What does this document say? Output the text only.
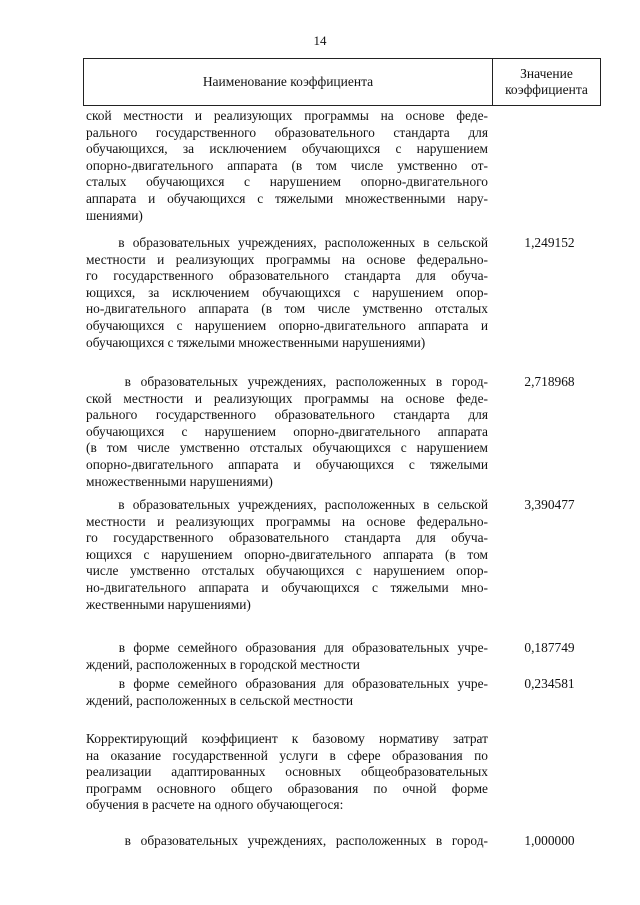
14
Наименование коэффициента
Значение
коэффициента
ской местности и реализующих программы на основе феде-
рального государственного образовательного стандарта для
обучающихся, за исключением обучающихся с нарушением
опорно-двигательного аппарата (в том числе умственно от-
сталых обучающихся с нарушением опорно-двигательного
аппарата и обучающихся с тяжелыми множественными нару-
шениями)
в образовательных учреждениях, расположенных в сельской
местности и реализующих программы на основе федерально-
го государственного образовательного стандарта для обуча-
ющихся, за исключением обучающихся с нарушением опор-
но-двигательного аппарата (в том числе умственно отсталых
обучающихся с нарушением опорно-двигательного аппарата и
обучающихся с тяжелыми множественными нарушениями)
1,249152
в образовательных учреждениях, расположенных в город-
ской местности и реализующих программы на основе феде-
рального государственного образовательного стандарта для
обучающихся с нарушением опорно-двигательного аппарата
(в том числе умственно отсталых обучающихся с нарушением
опорно-двигательного аппарата и обучающихся с тяжелыми
множественными нарушениями)
2,718968
в образовательных учреждениях, расположенных в сельской
местности и реализующих программы на основе федерально-
го государственного образовательного стандарта для обуча-
ющихся с нарушением опорно-двигательного аппарата (в том
числе умственно отсталых обучающихся с нарушением опор-
но-двигательного аппарата и обучающихся с тяжелыми мно-
жественными нарушениями)
3,390477
в форме семейного образования для образовательных учре-
ждений, расположенных в городской местности
0,187749
в форме семейного образования для образовательных учре-
ждений, расположенных в сельской местности
0,234581
Корректирующий коэффициент к базовому нормативу затрат
на оказание государственной услуги в сфере образования по
реализации адаптированных основных общеобразовательных
программ основного общего образования по очной форме
обучения в расчете на одного обучающегося:
в образовательных учреждениях, расположенных в город-	1,000000
